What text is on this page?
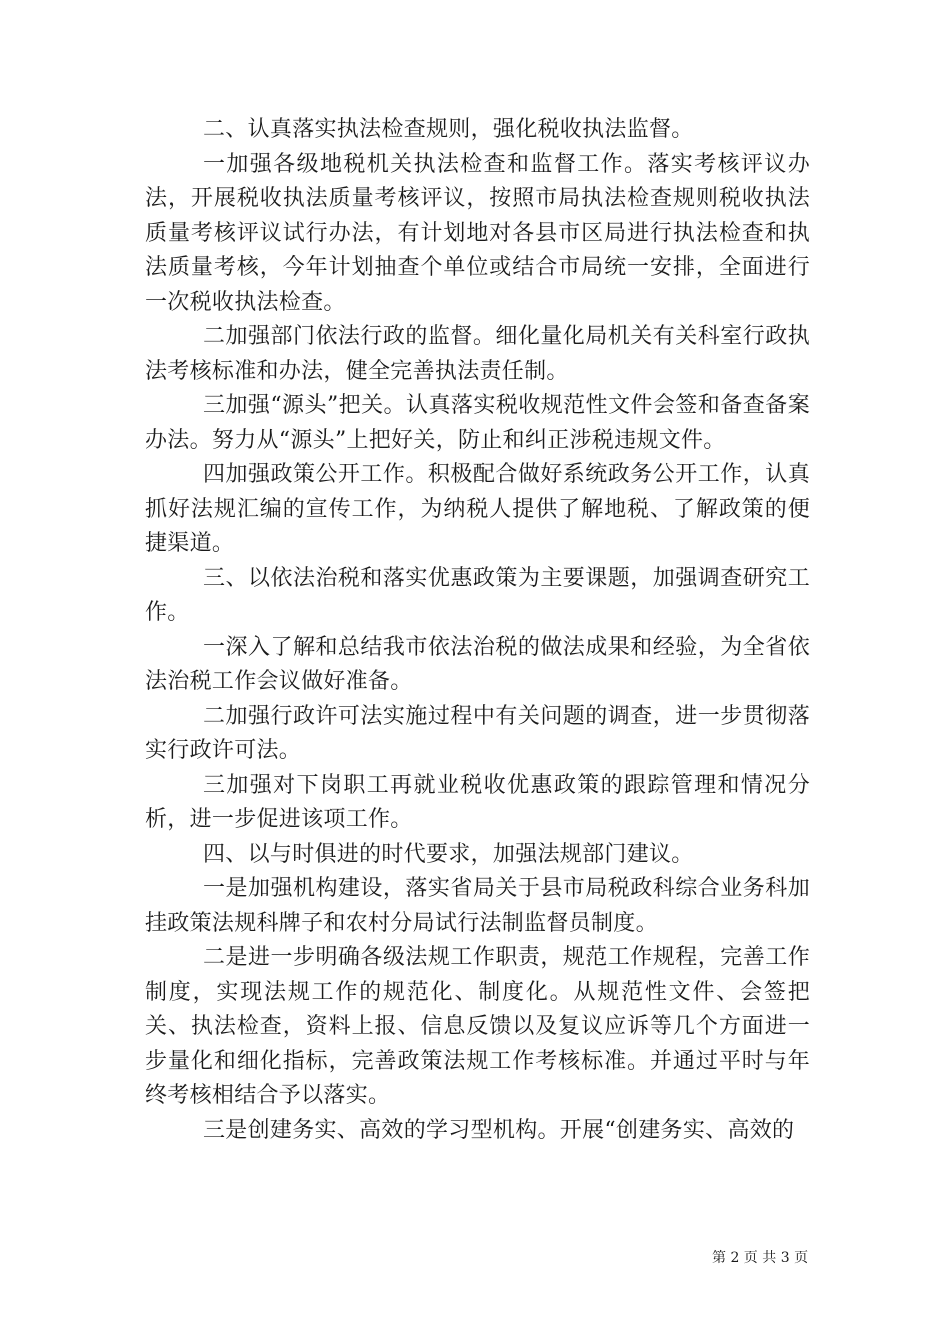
二、认真落实执法检查规则，强化税收执法监督。

一加强各级地税机关执法检查和监督工作。落实考核评议办法，开展税收执法质量考核评议，按照市局执法检查规则税收执法质量考核评议试行办法，有计划地对各县市区局进行执法检查和执法质量考核，今年计划抽查个单位或结合市局统一安排，全面进行一次税收执法检查。

二加强部门依法行政的监督。细化量化局机关有关科室行政执法考核标准和办法，健全完善执法责任制。

三加强“源头”把关。认真落实税收规范性文件会签和备查备案办法。努力从“源头”上把好关，防止和纠正涉税违规文件。

四加强政策公开工作。积极配合做好系统政务公开工作，认真抓好法规汇编的宣传工作，为纳税人提供了解地税、了解政策的便捷渠道。

三、以依法治税和落实优惠政策为主要课题，加强调查研究工作。

一深入了解和总结我市依法治税的做法成果和经验，为全省依法治税工作会议做好准备。

二加强行政许可法实施过程中有关问题的调查，进一步贯彻落实行政许可法。

三加强对下岗职工再就业税收优惠政策的跟踪管理和情况分析，进一步促进该项工作。

四、以与时俱进的时代要求，加强法规部门建议。

一是加强机构建设，落实省局关于县市局税政科综合业务科加挂政策法规科牌子和农村分局试行法制监督员制度。

二是进一步明确各级法规工作职责，规范工作规程，完善工作制度，实现法规工作的规范化、制度化。从规范性文件、会签把关、执法检查，资料上报、信息反馈以及复议应诉等几个方面进一步量化和细化指标，完善政策法规工作考核标准。并通过平时与年终考核相结合予以落实。

三是创建务实、高效的学习型机构。开展“创建务实、高效的

第 2 页 共 3 页
